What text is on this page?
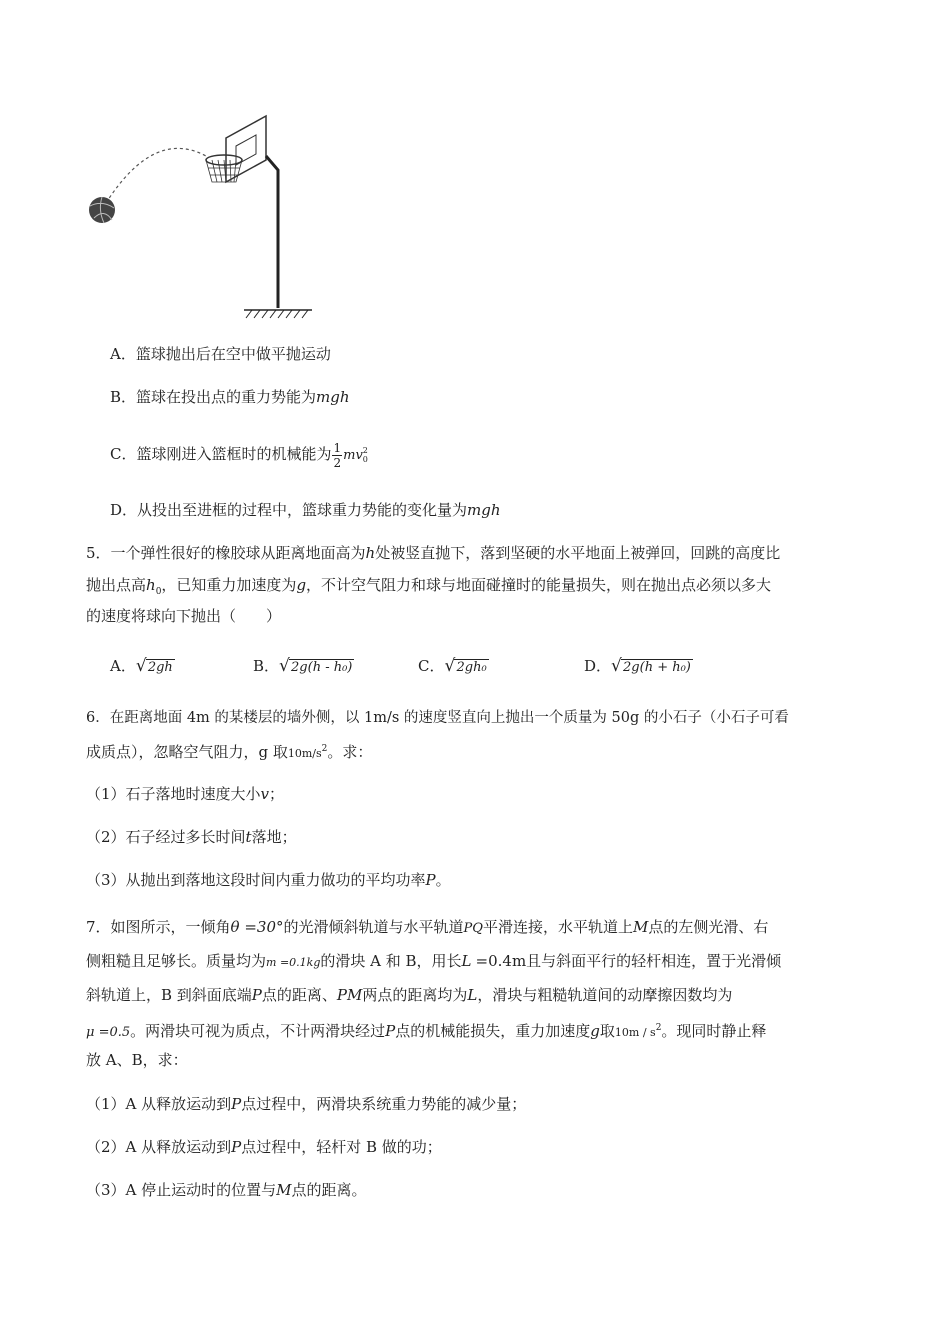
A．篮球抛出后在空中做平抛运动
B．篮球在投出点的重力势能为mgh
C．篮球刚进入篮框时的机械能为 $\frac{1}{2}$ mv 2
0
D．从投出至进框的过程中，篮球重力势能的变化量为mgh
5．一个弹性很好的橡胶球从距离地面高为h处被竖直抛下，落到坚硬的水平地面上被弹回，回跳的高度比
抛出点高$h_0$，已知重力加速度为g，不计空气阻力和球与地面碰撞时的能量损失，则在抛出点必须以多大
的速度将球向下抛出（　　）
A． √ 2gh	B． √ 2g(h - h₀)	C． √ 2gh₀	D． √ 2g(h + h₀)
6．在距离地面 4m 的某楼层的墙外侧，以 1m/s 的速度竖直向上抛出一个质量为 50g 的小石子（小石子可看
成质点），忽略空气阻力，g 取$10m/s^2$。求：
（1）石子落地时速度大小v；
（2）石子经过多长时间t落地；
（3）从抛出到落地这段时间内重力做功的平均功率P。
7．如图所示，一倾角θ =30°的光滑倾斜轨道与水平轨道PQ平滑连接，水平轨道上M点的左侧光滑、右
侧粗糙且足够长。质量均为m =0.1kg的滑块 A 和 B，用长L =0.4m且与斜面平行的轻杆相连，置于光滑倾
斜轨道上，B 到斜面底端P点的距离、PM两点的距离均为L，滑块与粗糙轨道间的动摩擦因数均为
μ =0.5。两滑块可视为质点，不计两滑块经过P点的机械能损失，重力加速度g取$10m / s^2$。现同时静止释
放 A、B，求：
（1）A 从释放运动到P点过程中，两滑块系统重力势能的减少量；
（2）A 从释放运动到P点过程中，轻杆对 B 做的功；
（3）A 停止运动时的位置与M点的距离。
